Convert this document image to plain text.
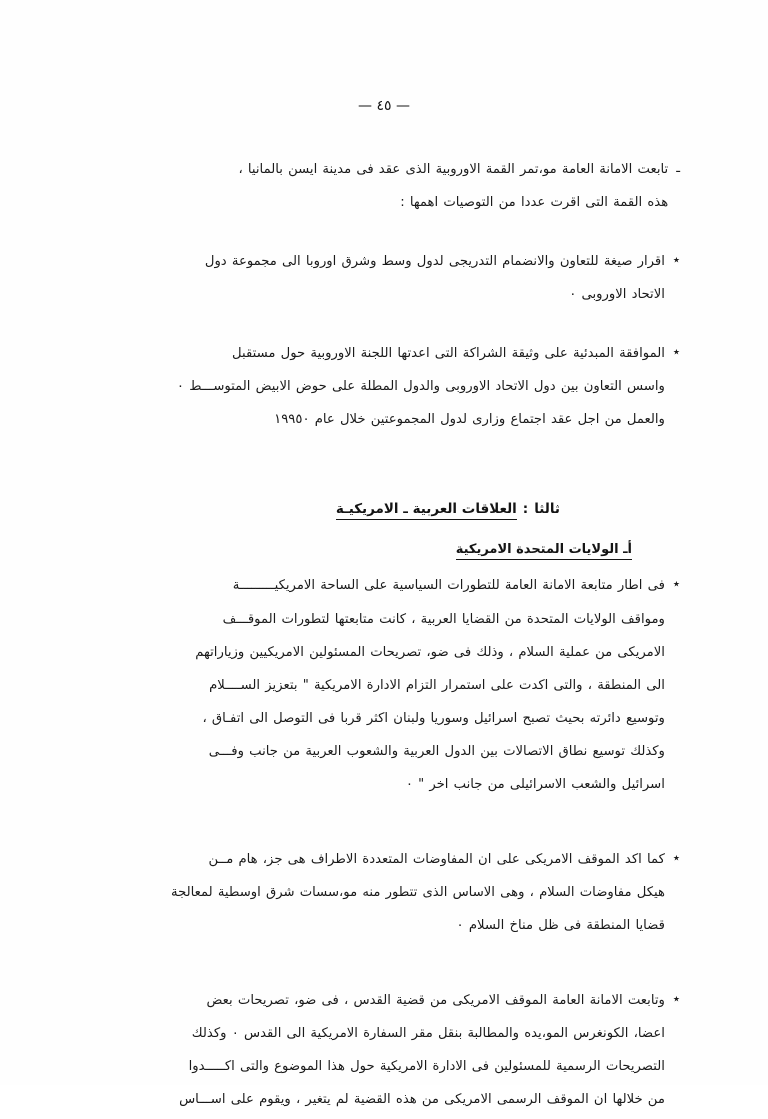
— ٤٥ —
ـ

تابعت الامانة العامة مو،تمر القمة الاوروبية الذى عقد فى مدينة ايسن بالمانيا ،

هذه القمة التى اقرت عددا من التوصيات اهمها :

٭

اقرار صيغة للتعاون والانضمام التدريجى لدول وسط وشرق اوروبا الى مجموعة دول

الاتحاد الاوروبى ٠

٭

الموافقة المبدئية على وثيقة الشراكة التى اعدتها اللجنة الاوروبية حول مستقبل

واسس التعاون بين دول الاتحاد الاوروبى والدول المطلة على حوض الابيض المتوســـط ٠

والعمل من اجل عقد اجتماع وزارى لدول المجموعتين خلال عام ١٩٩٥٠

ثالثا
:
العلاقات العربية ـ الامريكيـة
أـ الولايات المتحدة الامريكية
٭

فى اطار متابعة الامانة العامة للتطورات السياسية على الساحة الامريكيـــــــــة

ومواقف الولايات المتحدة من القضايا العربية ، كانت متابعتها لتطورات الموقـــف

الامريكى من عملية السلام ، وذلك فى ضو، تصريحات المسئولين الامريكيين وزياراتهم

الى المنطقة ، والتى اكدت على استمرار التزام الادارة الامريكية " بتعزيز الســــلام

وتوسيع دائرته بحيث تصبح اسرائيل وسوريا ولبنان اكثر قربا فى التوصل الى اتفـاق ،

وكذلك توسيع نطاق الاتصالات بين الدول العربية والشعوب العربية من جانب وفـــى

اسرائيل والشعب الاسرائيلى من جانب اخر " ٠

٭

كما اكد الموقف الامريكى على ان المفاوضات المتعددة الاطراف هى جز، هام مــن

هيكل مفاوضات السلام ، وهى الاساس الذى تتطور منه مو،سسات شرق اوسطية لمعالجة

قضايا المنطقة فى ظل مناخ السلام ٠

٭

وتابعت الامانة العامة الموقف الامريكى من قضية القدس ، فى ضو، تصريحات بعض

اعضا، الكونغرس المو،يده والمطالبة بنقل مقر السفارة الامريكية الى القدس ٠ وكذلك

التصريحات الرسمية للمسئولين فى الادارة الامريكية حول هذا الموضوع والتى اكـــــدوا

من خلالها ان الموقف الرسمى الامريكى من هذه القضية لم يتغير ، ويقوم على اســـاس
